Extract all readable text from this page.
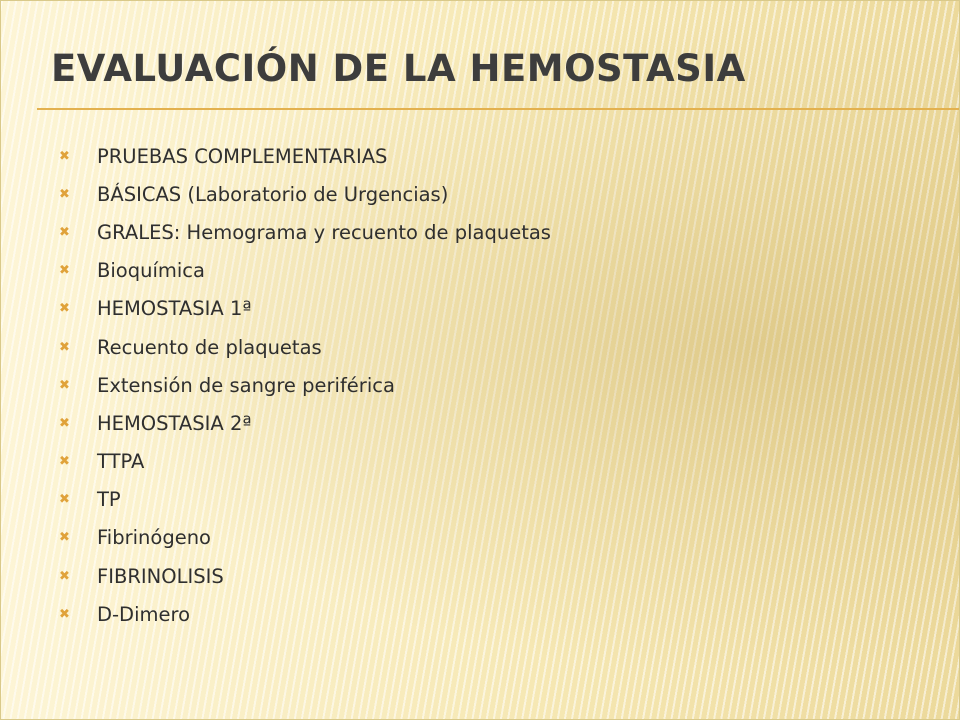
EVALUACIÓN DE LA HEMOSTASIA
✖	PRUEBAS COMPLEMENTARIAS
✖	BÁSICAS (Laboratorio de Urgencias)
✖	GRALES: Hemograma y recuento de plaquetas
✖	Bioquímica
✖	HEMOSTASIA 1ª
✖	Recuento de plaquetas
✖	Extensión de sangre periférica
✖	HEMOSTASIA 2ª
✖	TTPA
✖	TP
✖	Fibrinógeno
✖	FIBRINOLISIS
✖	D-Dimero
